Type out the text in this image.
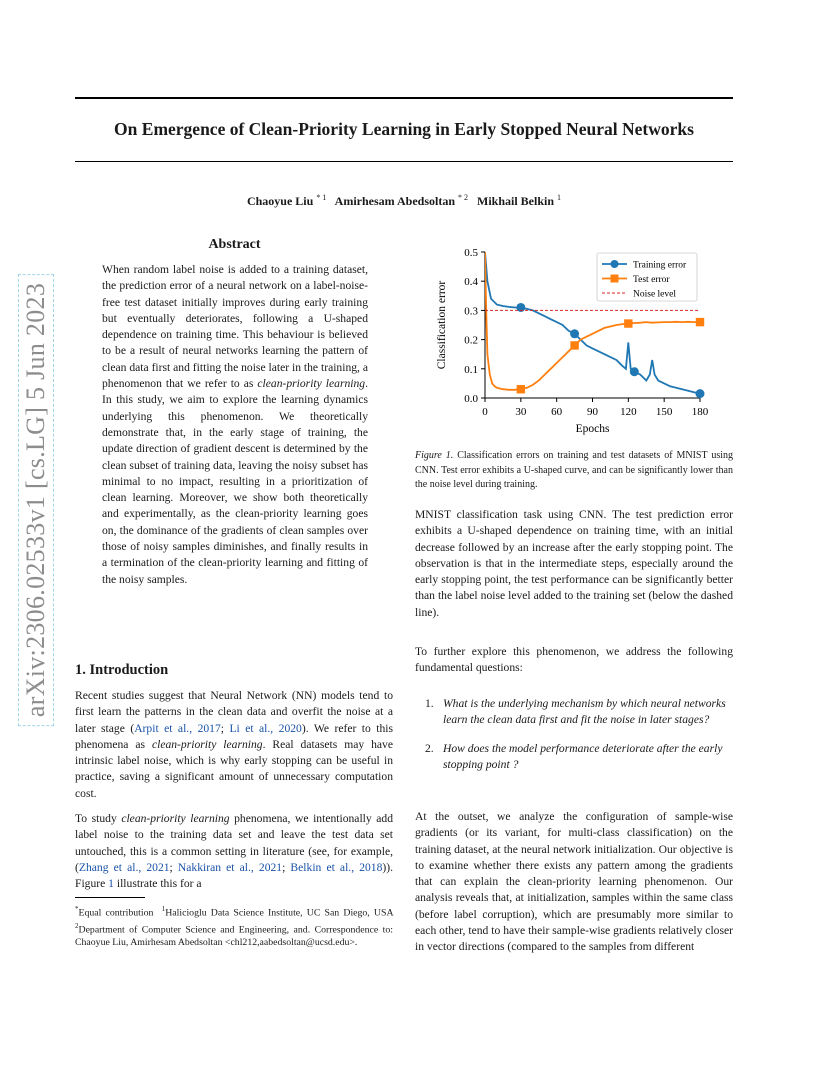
On Emergence of Clean-Priority Learning in Early Stopped Neural Networks
Chaoyue Liu $^{* 1}$ Amirhesam Abedsoltan $^{* 2}$ Mikhail Belkin $^1$
arXiv:2306.02533v1 [cs.LG] 5 Jun 2023
Abstract
When random label noise is added to a training dataset, the prediction error of a neural network on a label-noise-free test dataset initially improves during early training but eventually deteriorates, following a U-shaped dependence on training time. This behaviour is believed to be a result of neural networks learning the pattern of clean data first and fitting the noise later in the training, a phenomenon that we refer to as clean-priority learning. In this study, we aim to explore the learning dynamics underlying this phenomenon. We theoretically demonstrate that, in the early stage of training, the update direction of gradient descent is determined by the clean subset of training data, leaving the noisy subset has minimal to no impact, resulting in a prioritization of clean learning. Moreover, we show both theoretically and experimentally, as the clean-priority learning goes on, the dominance of the gradients of clean samples over those of noisy samples diminishes, and finally results in a termination of the clean-priority learning and fitting of the noisy samples.
1. Introduction
Recent studies suggest that Neural Network (NN) models tend to first learn the patterns in the clean data and overfit the noise at a later stage (Arpit et al., 2017; Li et al., 2020). We refer to this phenomena as clean-priority learning. Real datasets may have intrinsic label noise, which is why early stopping can be useful in practice, saving a significant amount of unnecessary computation cost.
To study clean-priority learning phenomena, we intentionally add label noise to the training data set and leave the test data set untouched, this is a common setting in literature (see, for example, (Zhang et al., 2021; Nakkiran et al., 2021; Belkin et al., 2018)). Figure 1 illustrate this for a
*Equal contribution $^1$Halicioglu Data Science Institute, UC San Diego, USA $^2$Department of Computer Science and Engineering, and. Correspondence to: Chaoyue Liu, Amirhesam Abedsoltan <chl212,aabedsoltan@ucsd.edu>.
0.0
0.1
0.2
0.3
0.4
0.5
0	30 60 90 120 150 180
Epochs
Classification error
Training error
Test error
Noise level
Figure 1. Classification errors on training and test datasets of MNIST using CNN. Test error exhibits a U-shaped curve, and can be significantly lower than the noise level during training.
MNIST classification task using CNN. The test prediction error exhibits a U-shaped dependence on training time, with an initial decrease followed by an increase after the early stopping point. The observation is that in the intermediate steps, especially around the early stopping point, the test performance can be significantly better than the label noise level added to the training set (below the dashed line).
To further explore this phenomenon, we address the following fundamental questions:
1. What is the underlying mechanism by which neural networks learn the clean data first and fit the noise in later stages?
2. How does the model performance deteriorate after the early stopping point ?
At the outset, we analyze the configuration of sample-wise gradients (or its variant, for multi-class classification) on the training dataset, at the neural network initialization. Our objective is to examine whether there exists any pattern among the gradients that can explain the clean-priority learning phenomenon. Our analysis reveals that, at initialization, samples within the same class (before label corruption), which are presumably more similar to each other, tend to have their sample-wise gradients relatively closer in vector directions (compared to the samples from different
